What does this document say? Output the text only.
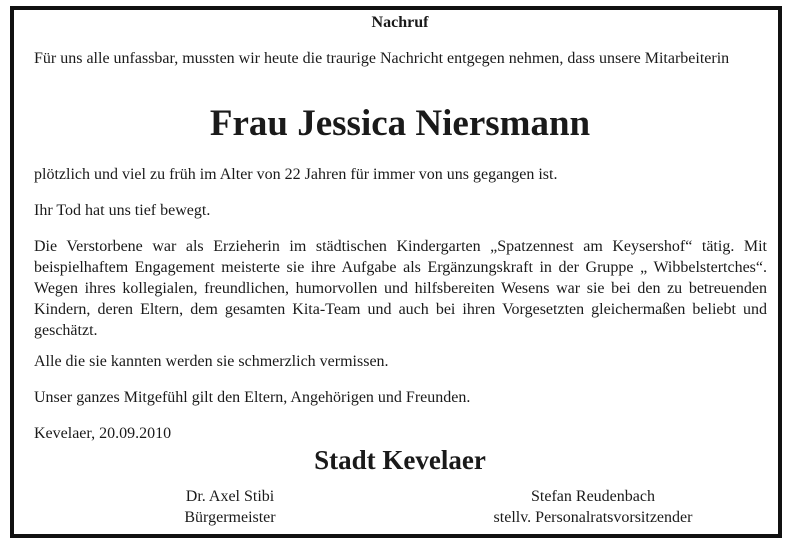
Nachruf

Für uns alle unfassbar, mussten wir heute die traurige Nachricht entgegen nehmen, dass unsere Mitarbeiterin

Frau Jessica Niersmann

plötzlich und viel zu früh im Alter von 22 Jahren für immer von uns gegangen ist.

Ihr Tod hat uns tief bewegt.

Die Verstorbene war als Erzieherin im städtischen Kindergarten „Spatzennest am Keysershof“ tätig. Mit beispielhaftem Engagement meisterte sie ihre Aufgabe als Ergänzungskraft in der Gruppe „ Wibbelstertches“. Wegen ihres kollegialen, freundlichen, humorvollen und hilfsbereiten Wesens war sie bei den zu betreuenden Kindern, deren Eltern, dem gesamten Kita-Team und auch bei ihren Vorgesetzten gleichermaßen beliebt und geschätzt.

Alle die sie kannten werden sie schmerzlich vermissen.

Unser ganzes Mitgefühl gilt den Eltern, Angehörigen und Freunden.

Kevelaer, 20.09.2010

Stadt Kevelaer
Dr. Axel Stibi
Bürgermeister
Stefan Reudenbach
stellv. Personalratsvorsitzender
